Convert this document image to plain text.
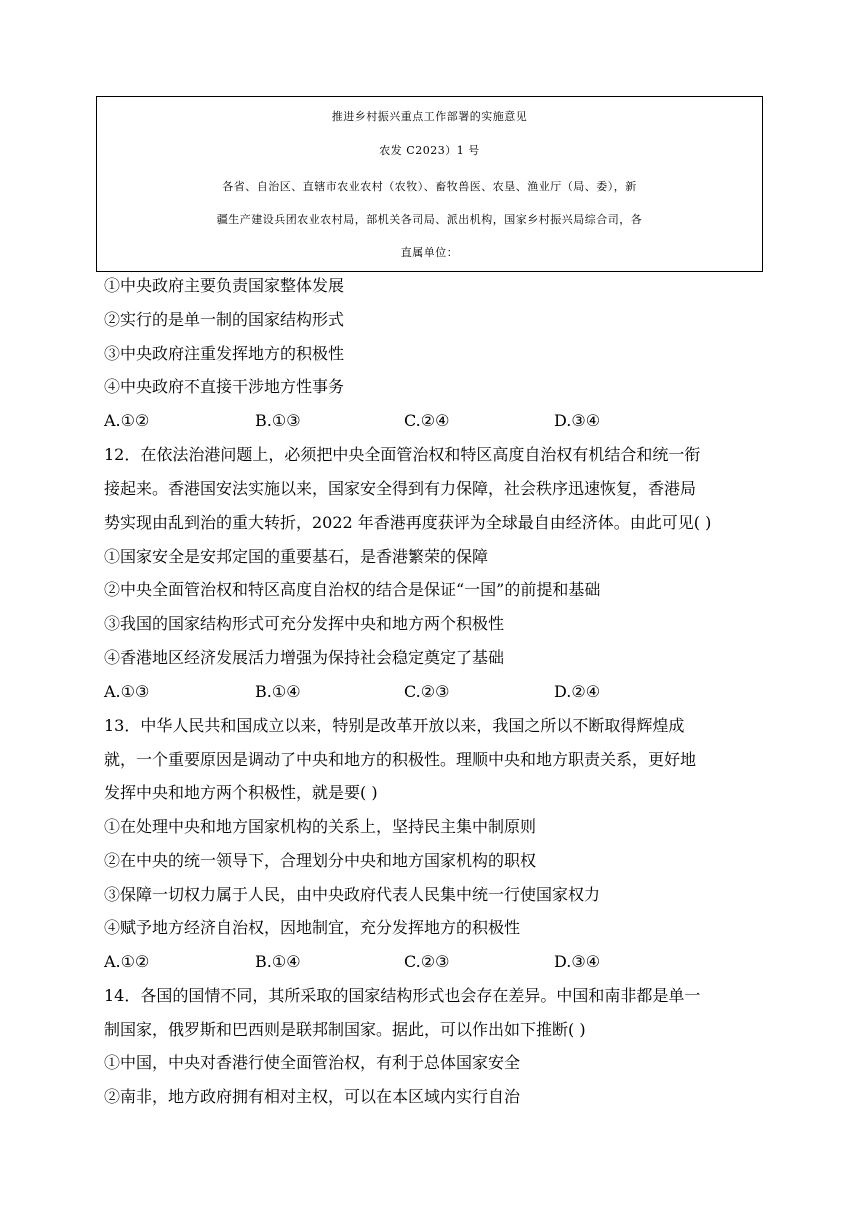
推进乡村振兴重点工作部署的实施意见
农发 C2023）1 号
各省、自治区、直辖市农业农村（农牧）、畜牧兽医、农垦、渔业厅（局、委），新
疆生产建设兵团农业农村局，部机关各司局、派出机构，国家乡村振兴局综合司，各
直属单位：
①中央政府主要负责国家整体发展
②实行的是单一制的国家结构形式
③中央政府注重发挥地方的积极性
④中央政府不直接干涉地方性事务
A.①②	B.①③	C.②④	D.③④
12．在依法治港问题上，必须把中央全面管治权和特区高度自治权有机结合和统一衔
接起来。香港国安法实施以来，国家安全得到有力保障，社会秩序迅速恢复，香港局
势实现由乱到治的重大转折，2022 年香港再度获评为全球最自由经济体。由此可见( )
①国家安全是安邦定国的重要基石，是香港繁荣的保障
②中央全面管治权和特区高度自治权的结合是保证“一国”的前提和基础
③我国的国家结构形式可充分发挥中央和地方两个积极性
④香港地区经济发展活力增强为保持社会稳定奠定了基础
A.①③	B.①④	C.②③	D.②④
13．中华人民共和国成立以来，特别是改革开放以来，我国之所以不断取得辉煌成
就，一个重要原因是调动了中央和地方的积极性。理顺中央和地方职责关系，更好地
发挥中央和地方两个积极性，就是要( )
①在处理中央和地方国家机构的关系上，坚持民主集中制原则
②在中央的统一领导下，合理划分中央和地方国家机构的职权
③保障一切权力属于人民，由中央政府代表人民集中统一行使国家权力
④赋予地方经济自治权，因地制宜，充分发挥地方的积极性
A.①②	B.①④	C.②③	D.③④
14．各国的国情不同，其所采取的国家结构形式也会存在差异。中国和南非都是单一
制国家，俄罗斯和巴西则是联邦制国家。据此，可以作出如下推断( )
①中国，中央对香港行使全面管治权，有利于总体国家安全
②南非，地方政府拥有相对主权，可以在本区域内实行自治
